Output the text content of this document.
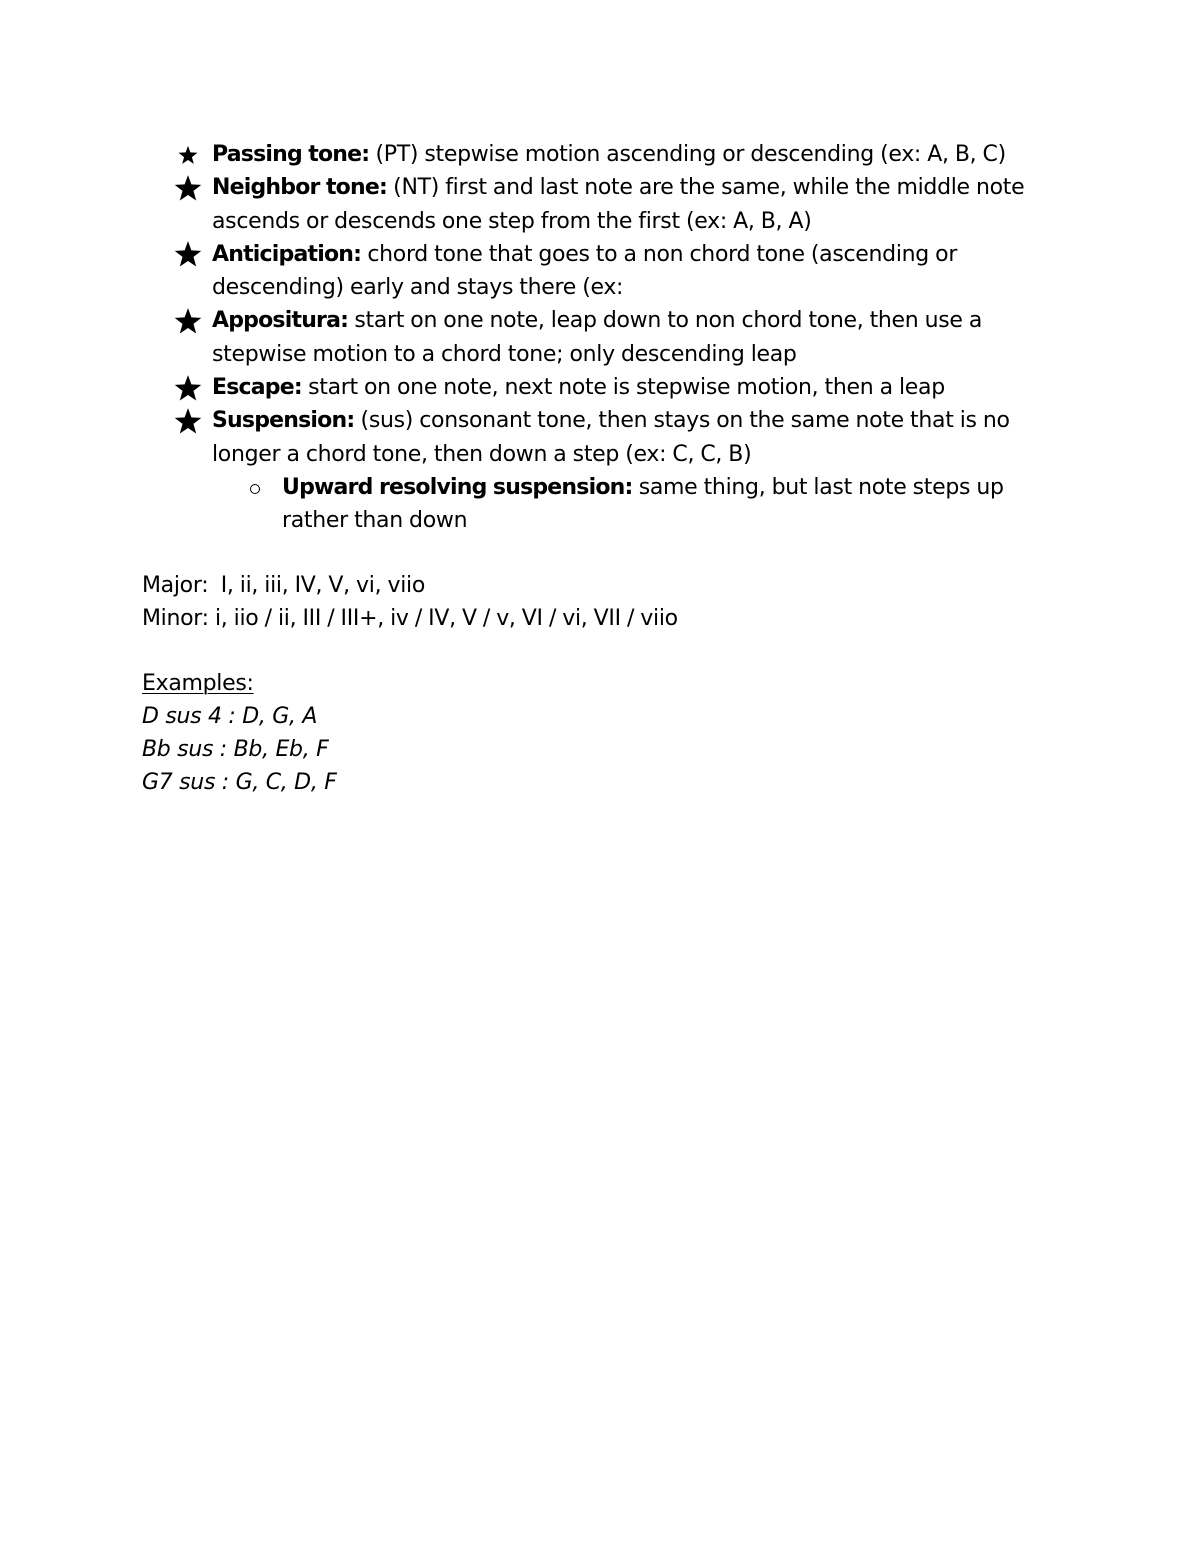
Passing tone: (PT) stepwise motion ascending or descending (ex: A, B, C)
Neighbor tone: (NT) first and last note are the same, while the middle note ascends or descends one step from the first (ex: A, B, A)
Anticipation: chord tone that goes to a non chord tone (ascending or descending) early and stays there (ex:
Appositura: start on one note, leap down to non chord tone, then use a stepwise motion to a chord tone; only descending leap
Escape: start on one note, next note is stepwise motion, then a leap
Suspension: (sus) consonant tone, then stays on the same note that is no longer a chord tone, then down a step (ex: C, C, B)
Upward resolving suspension: same thing, but last note steps up rather than down
Major:  I, ii, iii, IV, V, vi, viio
Minor: i, iio / ii, III / III+, iv / IV, V / v, VI / vi, VII / viio
Examples:
D sus 4 : D, G, A
Bb sus : Bb, Eb, F
G7 sus : G, C, D, F
